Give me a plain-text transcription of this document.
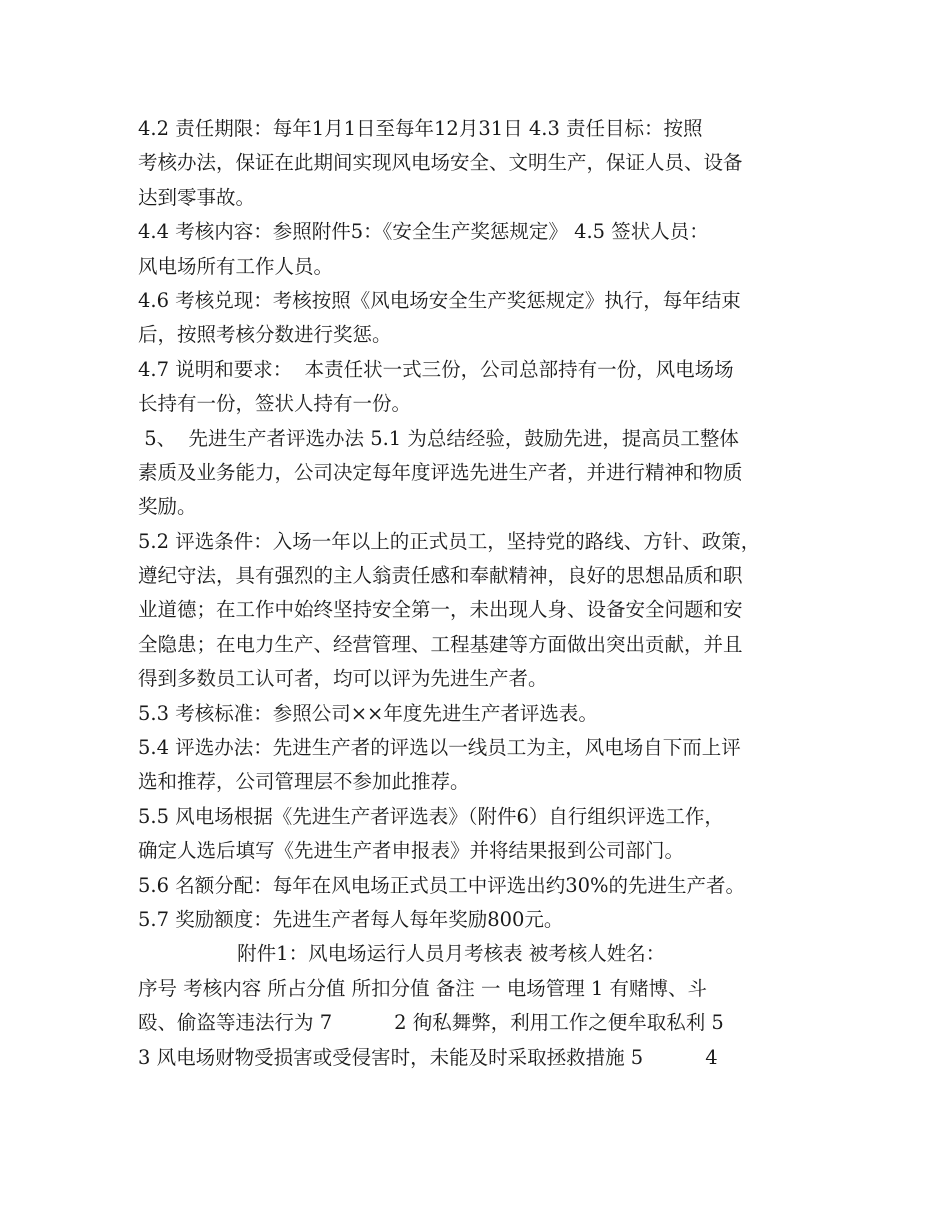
4.2 责任期限：每年1月1日至每年12月31日 4.3 责任目标：按照
考核办法，保证在此期间实现风电场安全、文明生产，保证人员、设备
达到零事故。
4.4 考核内容：参照附件5：《安全生产奖惩规定》 4.5 签状人员：
风电场所有工作人员。
4.6 考核兑现：考核按照《风电场安全生产奖惩规定》执行，每年结束
后，按照考核分数进行奖惩。
4.7 说明和要求：  本责任状一式三份，公司总部持有一份，风电场场
长持有一份，签状人持有一份。
5、  先进生产者评选办法 5.1 为总结经验，鼓励先进，提高员工整体
素质及业务能力，公司决定每年度评选先进生产者，并进行精神和物质
奖励。
5.2 评选条件：入场一年以上的正式员工，坚持党的路线、方针、政策，
遵纪守法，具有强烈的主人翁责任感和奉献精神，良好的思想品质和职
业道德；在工作中始终坚持安全第一，未出现人身、设备安全问题和安
全隐患；在电力生产、经营管理、工程基建等方面做出突出贡献，并且
得到多数员工认可者，均可以评为先进生产者。
5.3 考核标准：参照公司××年度先进生产者评选表。
5.4 评选办法：先进生产者的评选以一线员工为主，风电场自下而上评
选和推荐，公司管理层不参加此推荐。
5.5 风电场根据《先进生产者评选表》（附件6）自行组织评选工作，
确定人选后填写《先进生产者申报表》并将结果报到公司部门。
5.6 名额分配：每年在风电场正式员工中评选出约30%的先进生产者。
5.7 奖励额度：先进生产者每人每年奖励800元。
附件1：风电场运行人员月考核表 被考核人姓名：
序号 考核内容 所占分值 所扣分值 备注 一 电场管理 1 有赌博、斗
殴、偷盗等违法行为 7          2 徇私舞弊，利用工作之便牟取私利 5
3 风电场财物受损害或受侵害时，未能及时采取拯救措施 5          4
